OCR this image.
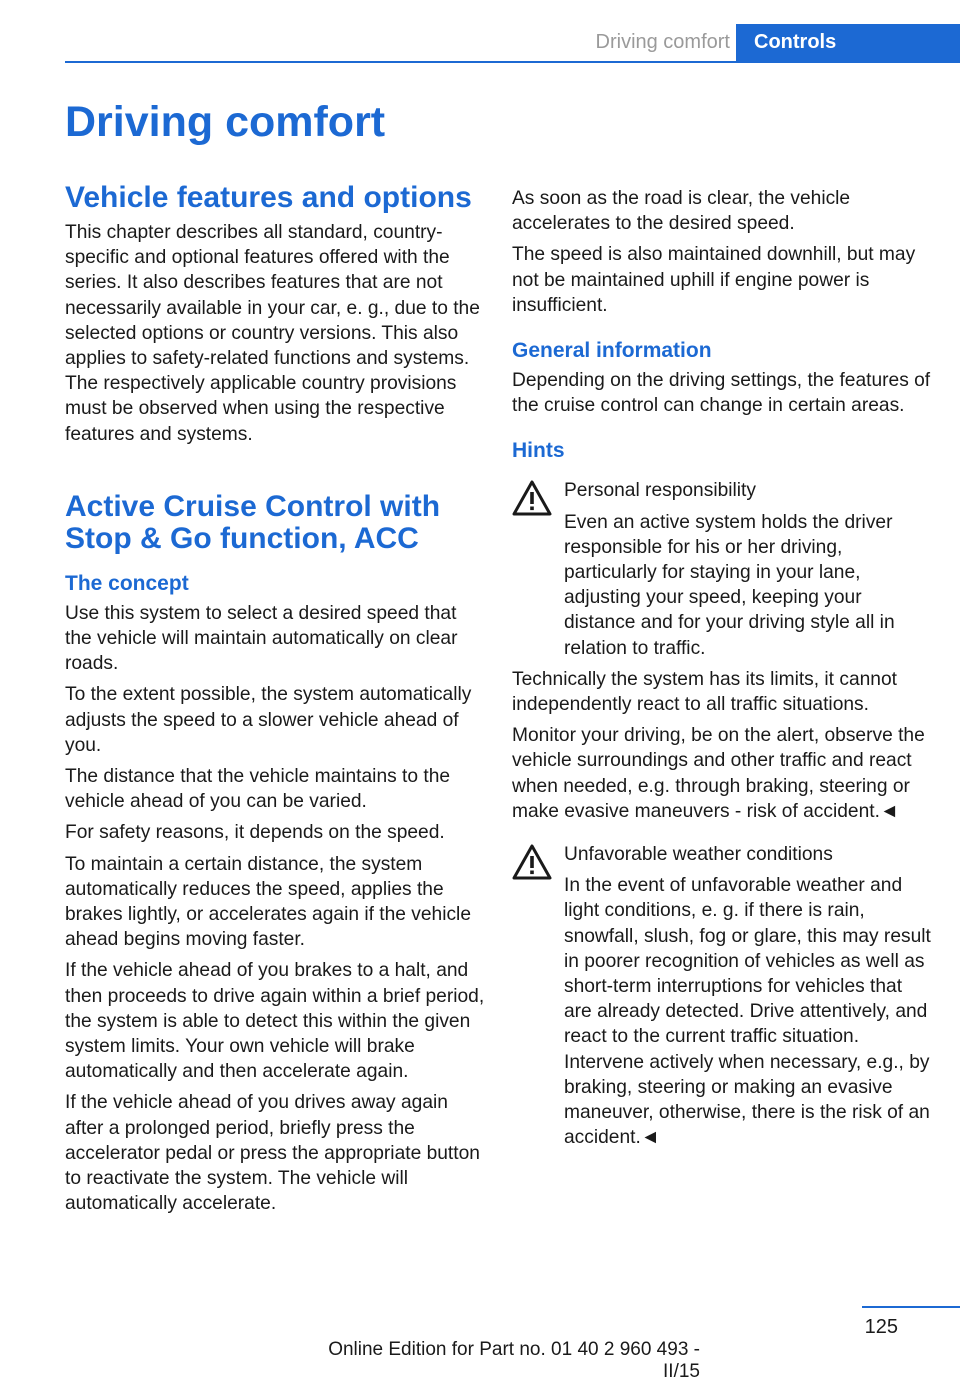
Driving comfort	Controls
Driving comfort
Vehicle features and options

This chapter describes all standard, country-specific and optional features offered with the series. It also describes features that are not necessarily available in your car, e. g., due to the selected options or country versions. This also applies to safety-related functions and systems. The respectively applicable country provisions must be observed when using the respective features and systems.

Active Cruise Control with Stop & Go function, ACC
The concept

Use this system to select a desired speed that the vehicle will maintain automatically on clear roads.

To the extent possible, the system automatically adjusts the speed to a slower vehicle ahead of you.

The distance that the vehicle maintains to the vehicle ahead of you can be varied.

For safety reasons, it depends on the speed.

To maintain a certain distance, the system automatically reduces the speed, applies the brakes lightly, or accelerates again if the vehicle ahead begins moving faster.

If the vehicle ahead of you brakes to a halt, and then proceeds to drive again within a brief period, the system is able to detect this within the given system limits. Your own vehicle will brake automatically and then accelerate again.

If the vehicle ahead of you drives away again after a prolonged period, briefly press the accelerator pedal or press the appropriate button to reactivate the system. The vehicle will automatically accelerate.

As soon as the road is clear, the vehicle accelerates to the desired speed.

The speed is also maintained downhill, but may not be maintained uphill if engine power is insufficient.

General information

Depending on the driving settings, the features of the cruise control can change in certain areas.

Hints
Personal responsibility

Even an active system holds the driver responsible for his or her driving, particularly for staying in your lane, adjusting your speed, keeping your distance and for your driving style all in relation to traffic.

Technically the system has its limits, it cannot independently react to all traffic situations.

Monitor your driving, be on the alert, observe the vehicle surroundings and other traffic and react when needed, e.g. through braking, steering or make evasive maneuvers - risk of accident.◄

Unfavorable weather conditions

In the event of unfavorable weather and light conditions, e. g. if there is rain, snowfall, slush, fog or glare, this may result in poorer recognition of vehicles as well as short-term interruptions for vehicles that are already detected. Drive attentively, and react to the current traffic situation. Intervene actively when necessary, e.g., by braking, steering or making an evasive maneuver, otherwise, there is the risk of an accident.◄

125
Online Edition for Part no. 01 40 2 960 493 - II/15
